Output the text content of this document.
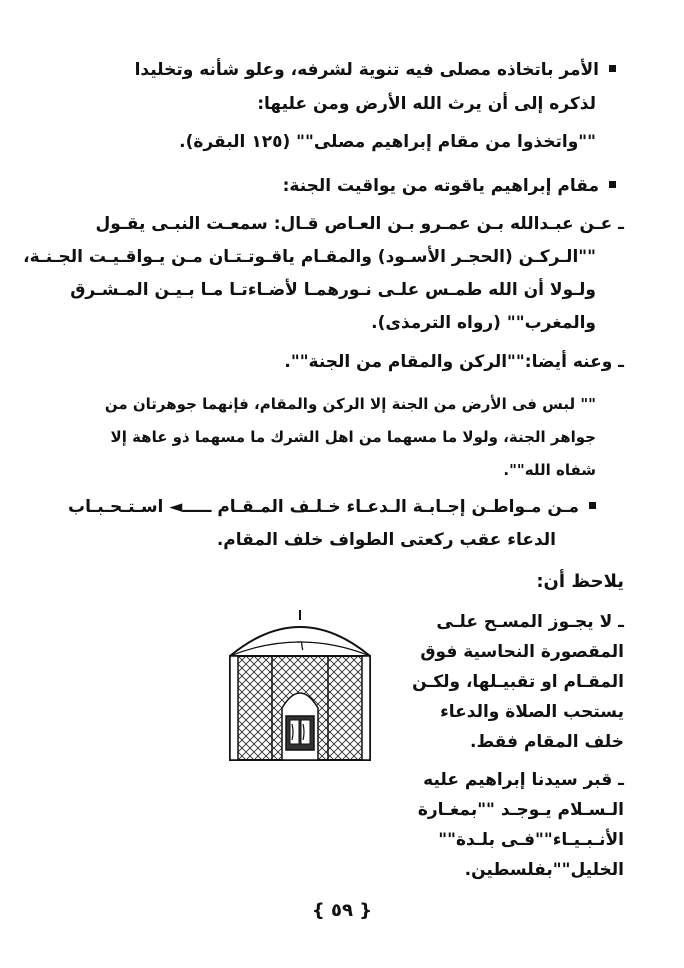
الأمر باتخاذه مصلى فيه تنوية لشرفه، وعلو شأنه وتخليدا
لذكره إلى أن يرث الله الأرض ومن عليها:
""واتخذوا من مقام إبراهيم مصلى"" (١٢٥ البقرة).
مقام إبراهيم ياقوته من يواقيت الجنة:
ـ عـن عبـدالله بـن عمـرو بـن العـاص قـال: سمعـت النبـى يقـول
""الـركـن (الحجـر الأسـود) والمقـام ياقـوتـتـان مـن يـواقـيـت الجـنـة،
ولـولا أن الله طمـس علـى نـورهمـا لأضـاءتـا مـا بـيـن المـشـرق
والمغرب"" (رواه الترمذى).
ـ وعنه أيضا:""الركن والمقام من الجنة"".
"" لبس فى الأرض من الجنة إلا الركن والمقام، فإنهما جوهرتان من
جواهر الجنة، ولولا ما مسهما من اهل الشرك ما مسهما ذو عاهة إلا
شفاه الله"".
مـن مـواطـن إجـابـة الـدعـاء خـلـف المـقـام ـــــ◄ اسـتـحـبـاب
الدعاء عقب ركعتى الطواف خلف المقام.
يلاحظ أن:
ـ لا يجـوز المسـح علـى
المقصورة النحاسية فوق
المقـام او تقبيـلها، ولكـن
يستحب الصلاة والدعاء
خلف المقام فقط.
ـ قبر سيدنا إبراهيم عليه
الـسـلام يـوجـد ""بمغـارة
الأنـبـيـاء""فـى بلـدة""
الخليل""بفلسطين.
٦
{ ٥٩ }
